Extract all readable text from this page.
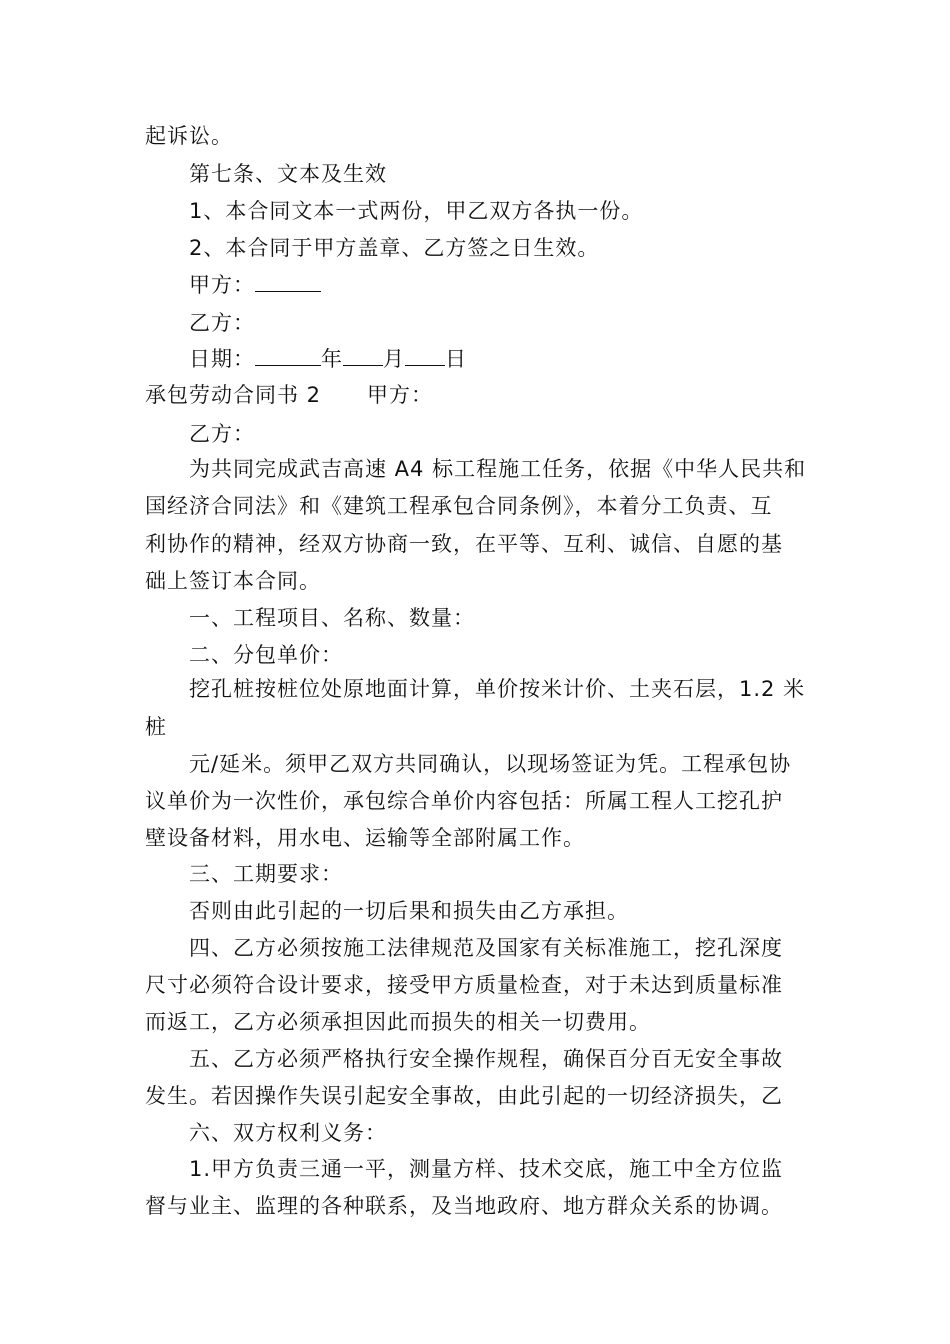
起诉讼。
第七条、文本及生效
1、本合同文本一式两份，甲乙双方各执一份。
2、本合同于甲方盖章、乙方签之日生效。
甲方：
乙方：
日期：	年 月 日
承包劳动合同书 2 甲方：
乙方：
为共同完成武吉高速 A4 标工程施工任务，依据《中华人民共和
国经济合同法》和《建筑工程承包合同条例》，本着分工负责、互
利协作的精神，经双方协商一致，在平等、互利、诚信、自愿的基
础上签订本合同。
一、工程项目、名称、数量：
二、分包单价：
挖孔桩按桩位处原地面计算，单价按米计价、土夹石层，1.2 米
桩
元/延米。须甲乙双方共同确认，以现场签证为凭。工程承包协
议单价为一次性价，承包综合单价内容包括：所属工程人工挖孔护
壁设备材料，用水电、运输等全部附属工作。
三、工期要求：
否则由此引起的一切后果和损失由乙方承担。
四、乙方必须按施工法律规范及国家有关标准施工，挖孔深度
尺寸必须符合设计要求，接受甲方质量检查，对于未达到质量标准
而返工，乙方必须承担因此而损失的相关一切费用。
五、乙方必须严格执行安全操作规程，确保百分百无安全事故
发生。若因操作失误引起安全事故，由此引起的一切经济损失，乙
六、双方权利义务：
1.甲方负责三通一平，测量方样、技术交底，施工中全方位监
督与业主、监理的各种联系，及当地政府、地方群众关系的协调。
